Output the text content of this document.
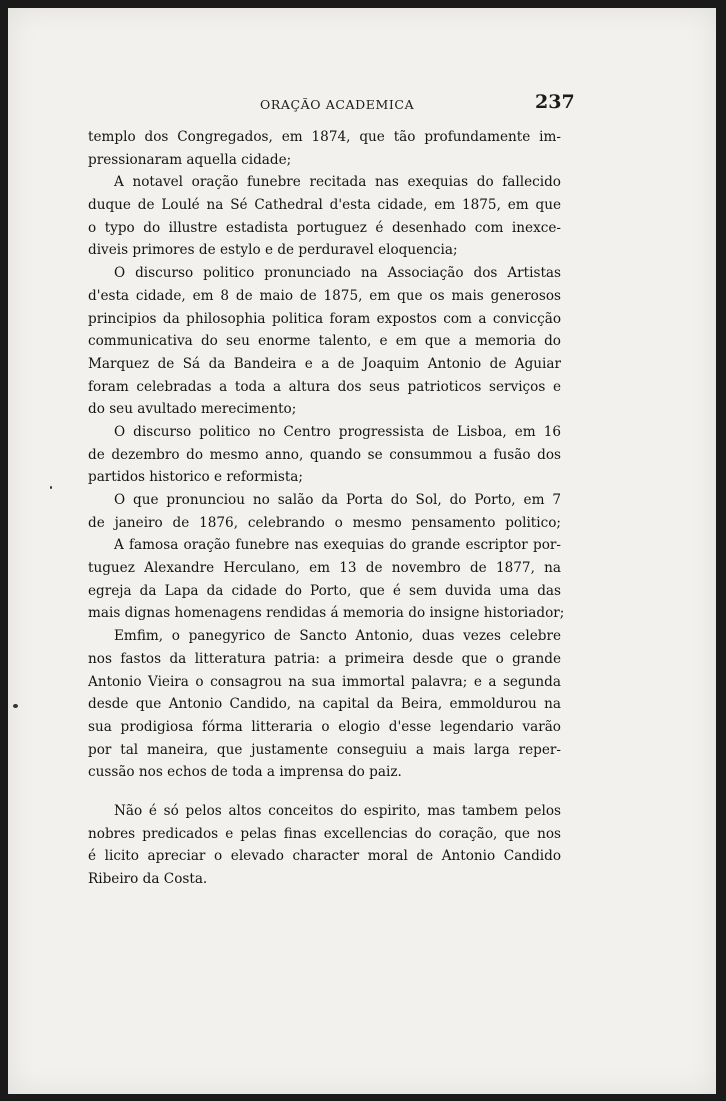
ORAÇÃO ACADEMICA	237
templo dos Congregados, em 1874, que tão profundamente im-
pressionaram aquella cidade;
A notavel oração funebre recitada nas exequias do fallecido
duque de Loulé na Sé Cathedral d'esta cidade, em 1875, em que
o typo do illustre estadista portuguez é desenhado com inexce-
diveis primores de estylo e de perduravel eloquencia;
O discurso politico pronunciado na Associação dos Artistas
d'esta cidade, em 8 de maio de 1875, em que os mais generosos
principios da philosophia politica foram expostos com a convicção
communicativa do seu enorme talento, e em que a memoria do
Marquez de Sá da Bandeira e a de Joaquim Antonio de Aguiar
foram celebradas a toda a altura dos seus patrioticos serviços e
do seu avultado merecimento;
O discurso politico no Centro progressista de Lisboa, em 16
de dezembro do mesmo anno, quando se consummou a fusão dos
partidos historico e reformista;
O que pronunciou no salão da Porta do Sol, do Porto, em 7
de janeiro de 1876, celebrando o mesmo pensamento politico;
A famosa oração funebre nas exequias do grande escriptor por-
tuguez Alexandre Herculano, em 13 de novembro de 1877, na
egreja da Lapa da cidade do Porto, que é sem duvida uma das
mais dignas homenagens rendidas á memoria do insigne historiador;
Emfim, o panegyrico de Sancto Antonio, duas vezes celebre
nos fastos da litteratura patria: a primeira desde que o grande
Antonio Vieira o consagrou na sua immortal palavra; e a segunda
desde que Antonio Candido, na capital da Beira, emmoldurou na
sua prodigiosa fórma litteraria o elogio d'esse legendario varão
por tal maneira, que justamente conseguiu a mais larga reper-
cussão nos echos de toda a imprensa do paiz.
Não é só pelos altos conceitos do espirito, mas tambem pelos
nobres predicados e pelas finas excellencias do coração, que nos
é licito apreciar o elevado character moral de Antonio Candido
Ribeiro da Costa.
